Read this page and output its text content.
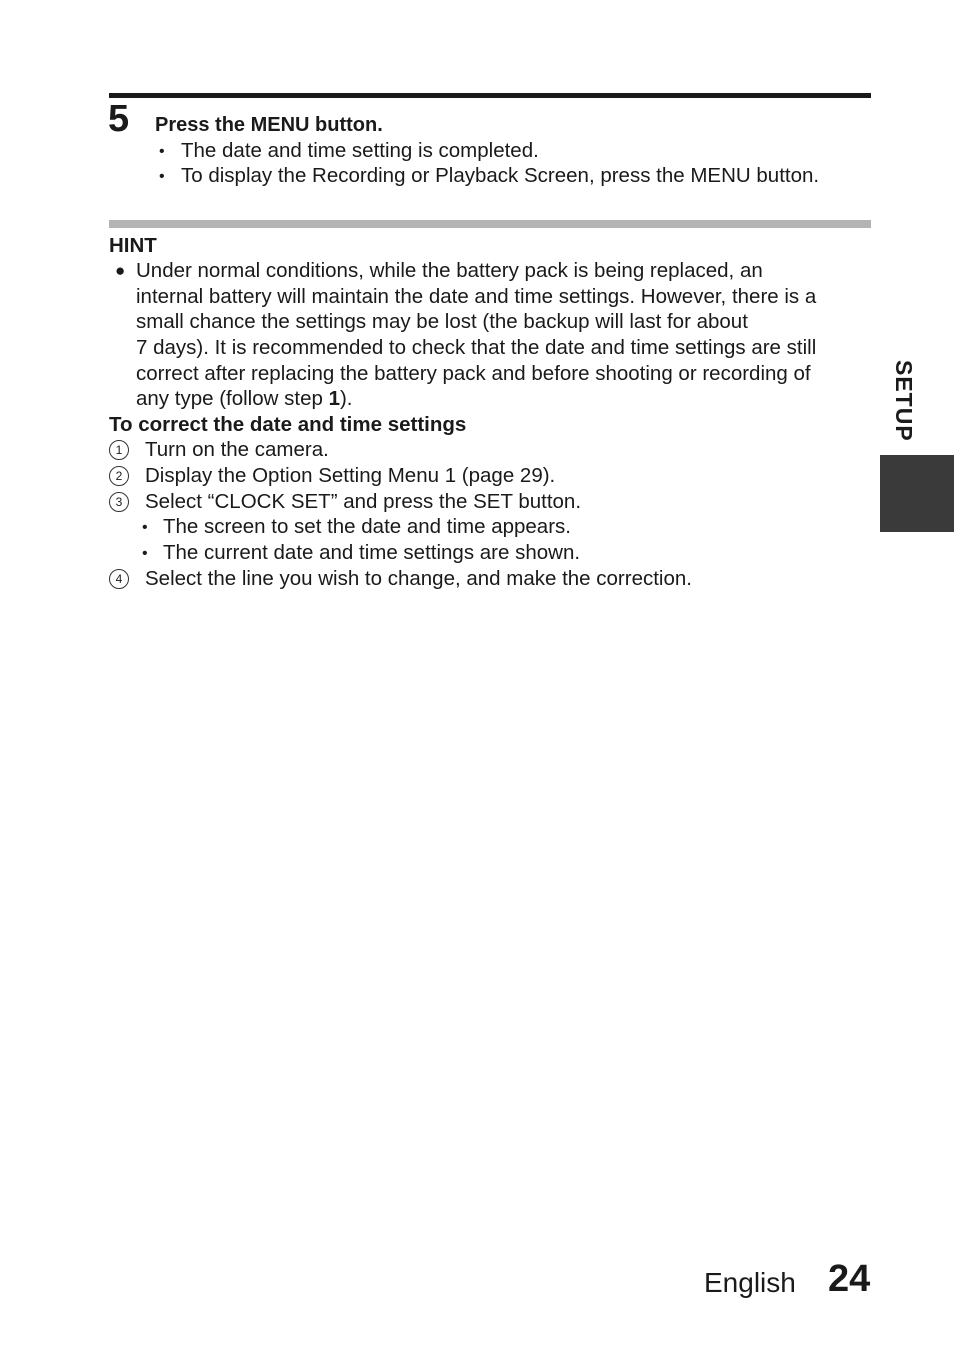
5 Press the MENU button.
• The date and time setting is completed.
• To display the Recording or Playback Screen, press the MENU button.
HINT
● Under normal conditions, while the battery pack is being replaced, an
internal battery will maintain the date and time settings. However, there is a
small chance the settings may be lost (the backup will last for about
7 days). It is recommended to check that the date and time settings are still
correct after replacing the battery pack and before shooting or recording of
any type (follow step 1).
To correct the date and time settings
1	Turn on the camera.
2	Display the Option Setting Menu 1 (page 29).
3	Select “CLOCK SET” and press the SET button.
• The screen to set the date and time appears.
• The current date and time settings are shown.
4	Select the line you wish to change, and make the correction.
SETUP
English 24
